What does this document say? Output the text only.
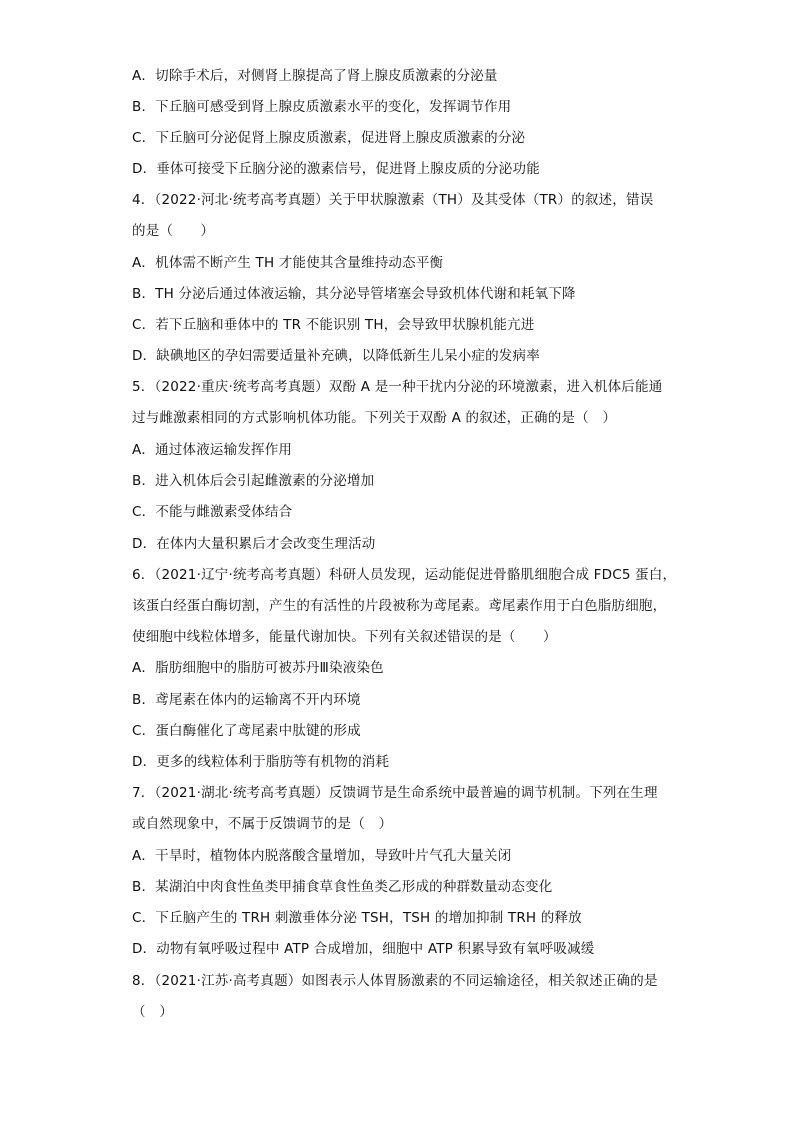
A．切除手术后，对侧肾上腺提高了肾上腺皮质激素的分泌量
B．下丘脑可感受到肾上腺皮质激素水平的变化，发挥调节作用
C．下丘脑可分泌促肾上腺皮质激素，促进肾上腺皮质激素的分泌
D．垂体可接受下丘脑分泌的激素信号，促进肾上腺皮质的分泌功能
4．（2022·河北·统考高考真题）关于甲状腺激素（TH）及其受体（TR）的叙述，错误
的是（　　）
A．机体需不断产生 TH 才能使其含量维持动态平衡
B．TH 分泌后通过体液运输，其分泌导管堵塞会导致机体代谢和耗氧下降
C．若下丘脑和垂体中的 TR 不能识别 TH，会导致甲状腺机能亢进
D．缺碘地区的孕妇需要适量补充碘，以降低新生儿呆小症的发病率
5．（2022·重庆·统考高考真题）双酚 A 是一种干扰内分泌的环境激素，进入机体后能通
过与雌激素相同的方式影响机体功能。下列关于双酚 A 的叙述，正确的是（　）
A．通过体液运输发挥作用
B．进入机体后会引起雌激素的分泌增加
C．不能与雌激素受体结合
D．在体内大量积累后才会改变生理活动
6．（2021·辽宁·统考高考真题）科研人员发现，运动能促进骨骼肌细胞合成 FDC5 蛋白，
该蛋白经蛋白酶切割，产生的有活性的片段被称为鸢尾素。鸢尾素作用于白色脂肪细胞，
使细胞中线粒体增多，能量代谢加快。下列有关叙述错误的是（　　）
A．脂肪细胞中的脂肪可被苏丹Ⅲ染液染色
B．鸢尾素在体内的运输离不开内环境
C．蛋白酶催化了鸢尾素中肽键的形成
D．更多的线粒体利于脂肪等有机物的消耗
7．（2021·湖北·统考高考真题）反馈调节是生命系统中最普遍的调节机制。下列在生理
或自然现象中，不属于反馈调节的是（　）
A．干旱时，植物体内脱落酸含量增加，导致叶片气孔大量关闭
B．某湖泊中肉食性鱼类甲捕食草食性鱼类乙形成的种群数量动态变化
C．下丘脑产生的 TRH 刺激垂体分泌 TSH，TSH 的增加抑制 TRH 的释放
D．动物有氧呼吸过程中 ATP 合成增加，细胞中 ATP 积累导致有氧呼吸减缓
8．（2021·江苏·高考真题）如图表示人体胃肠激素的不同运输途径，相关叙述正确的是
（　）
